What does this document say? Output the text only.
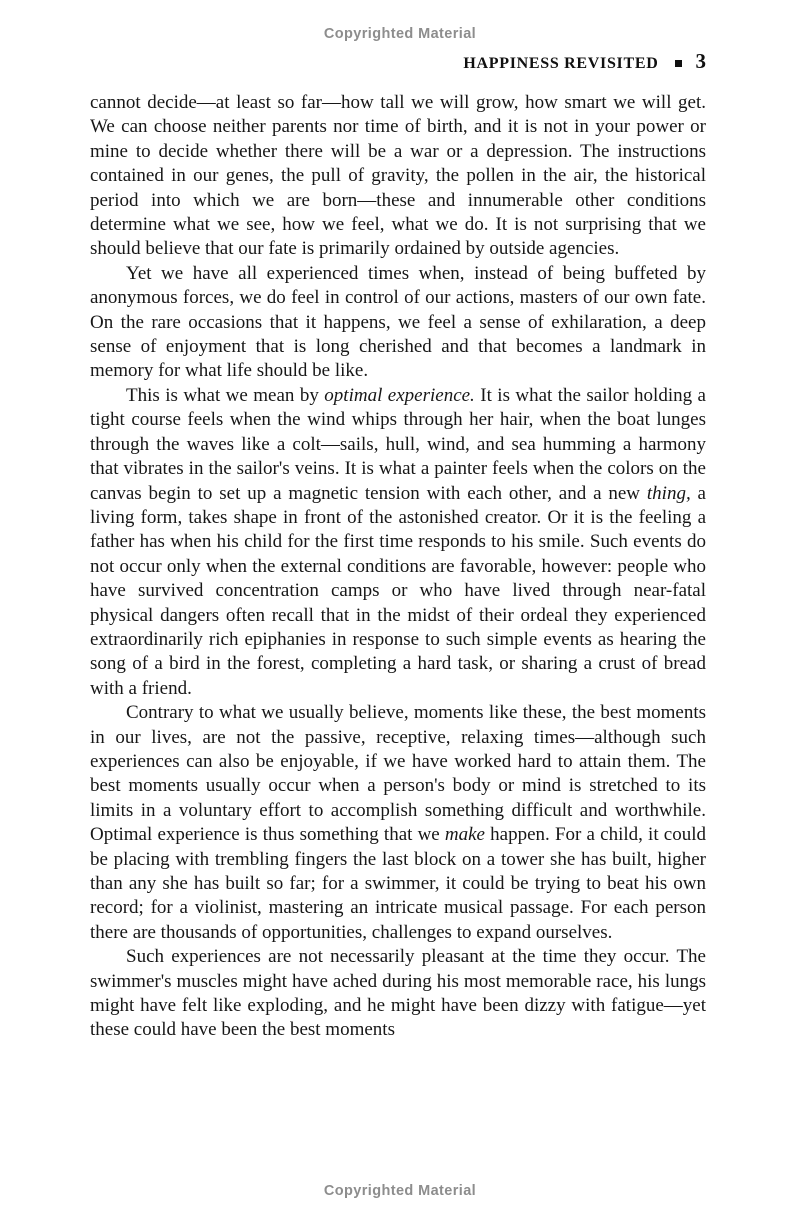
Copyrighted Material
HAPPINESS REVISITED 3

cannot decide—at least so far—how tall we will grow, how smart we will get. We can choose neither parents nor time of birth, and it is not in your power or mine to decide whether there will be a war or a depression. The instructions contained in our genes, the pull of gravity, the pollen in the air, the historical period into which we are born—these and innumerable other conditions determine what we see, how we feel, what we do. It is not surprising that we should believe that our fate is primarily ordained by outside agencies.

Yet we have all experienced times when, instead of being buffeted by anonymous forces, we do feel in control of our actions, masters of our own fate. On the rare occasions that it happens, we feel a sense of exhilaration, a deep sense of enjoyment that is long cherished and that becomes a landmark in memory for what life should be like.

This is what we mean by optimal experience. It is what the sailor holding a tight course feels when the wind whips through her hair, when the boat lunges through the waves like a colt—sails, hull, wind, and sea humming a harmony that vibrates in the sailor's veins. It is what a painter feels when the colors on the canvas begin to set up a magnetic tension with each other, and a new thing, a living form, takes shape in front of the astonished creator. Or it is the feeling a father has when his child for the first time responds to his smile. Such events do not occur only when the external conditions are favorable, however: people who have survived concentration camps or who have lived through near-fatal physical dangers often recall that in the midst of their ordeal they experienced extraordinarily rich epiphanies in response to such simple events as hearing the song of a bird in the forest, completing a hard task, or sharing a crust of bread with a friend.

Contrary to what we usually believe, moments like these, the best moments in our lives, are not the passive, receptive, relaxing times—although such experiences can also be enjoyable, if we have worked hard to attain them. The best moments usually occur when a person's body or mind is stretched to its limits in a voluntary effort to accomplish something difficult and worthwhile. Optimal experience is thus something that we make happen. For a child, it could be placing with trembling fingers the last block on a tower she has built, higher than any she has built so far; for a swimmer, it could be trying to beat his own record; for a violinist, mastering an intricate musical passage. For each person there are thousands of opportunities, challenges to expand ourselves.

Such experiences are not necessarily pleasant at the time they occur. The swimmer's muscles might have ached during his most memorable race, his lungs might have felt like exploding, and he might have been dizzy with fatigue—yet these could have been the best moments

Copyrighted Material
